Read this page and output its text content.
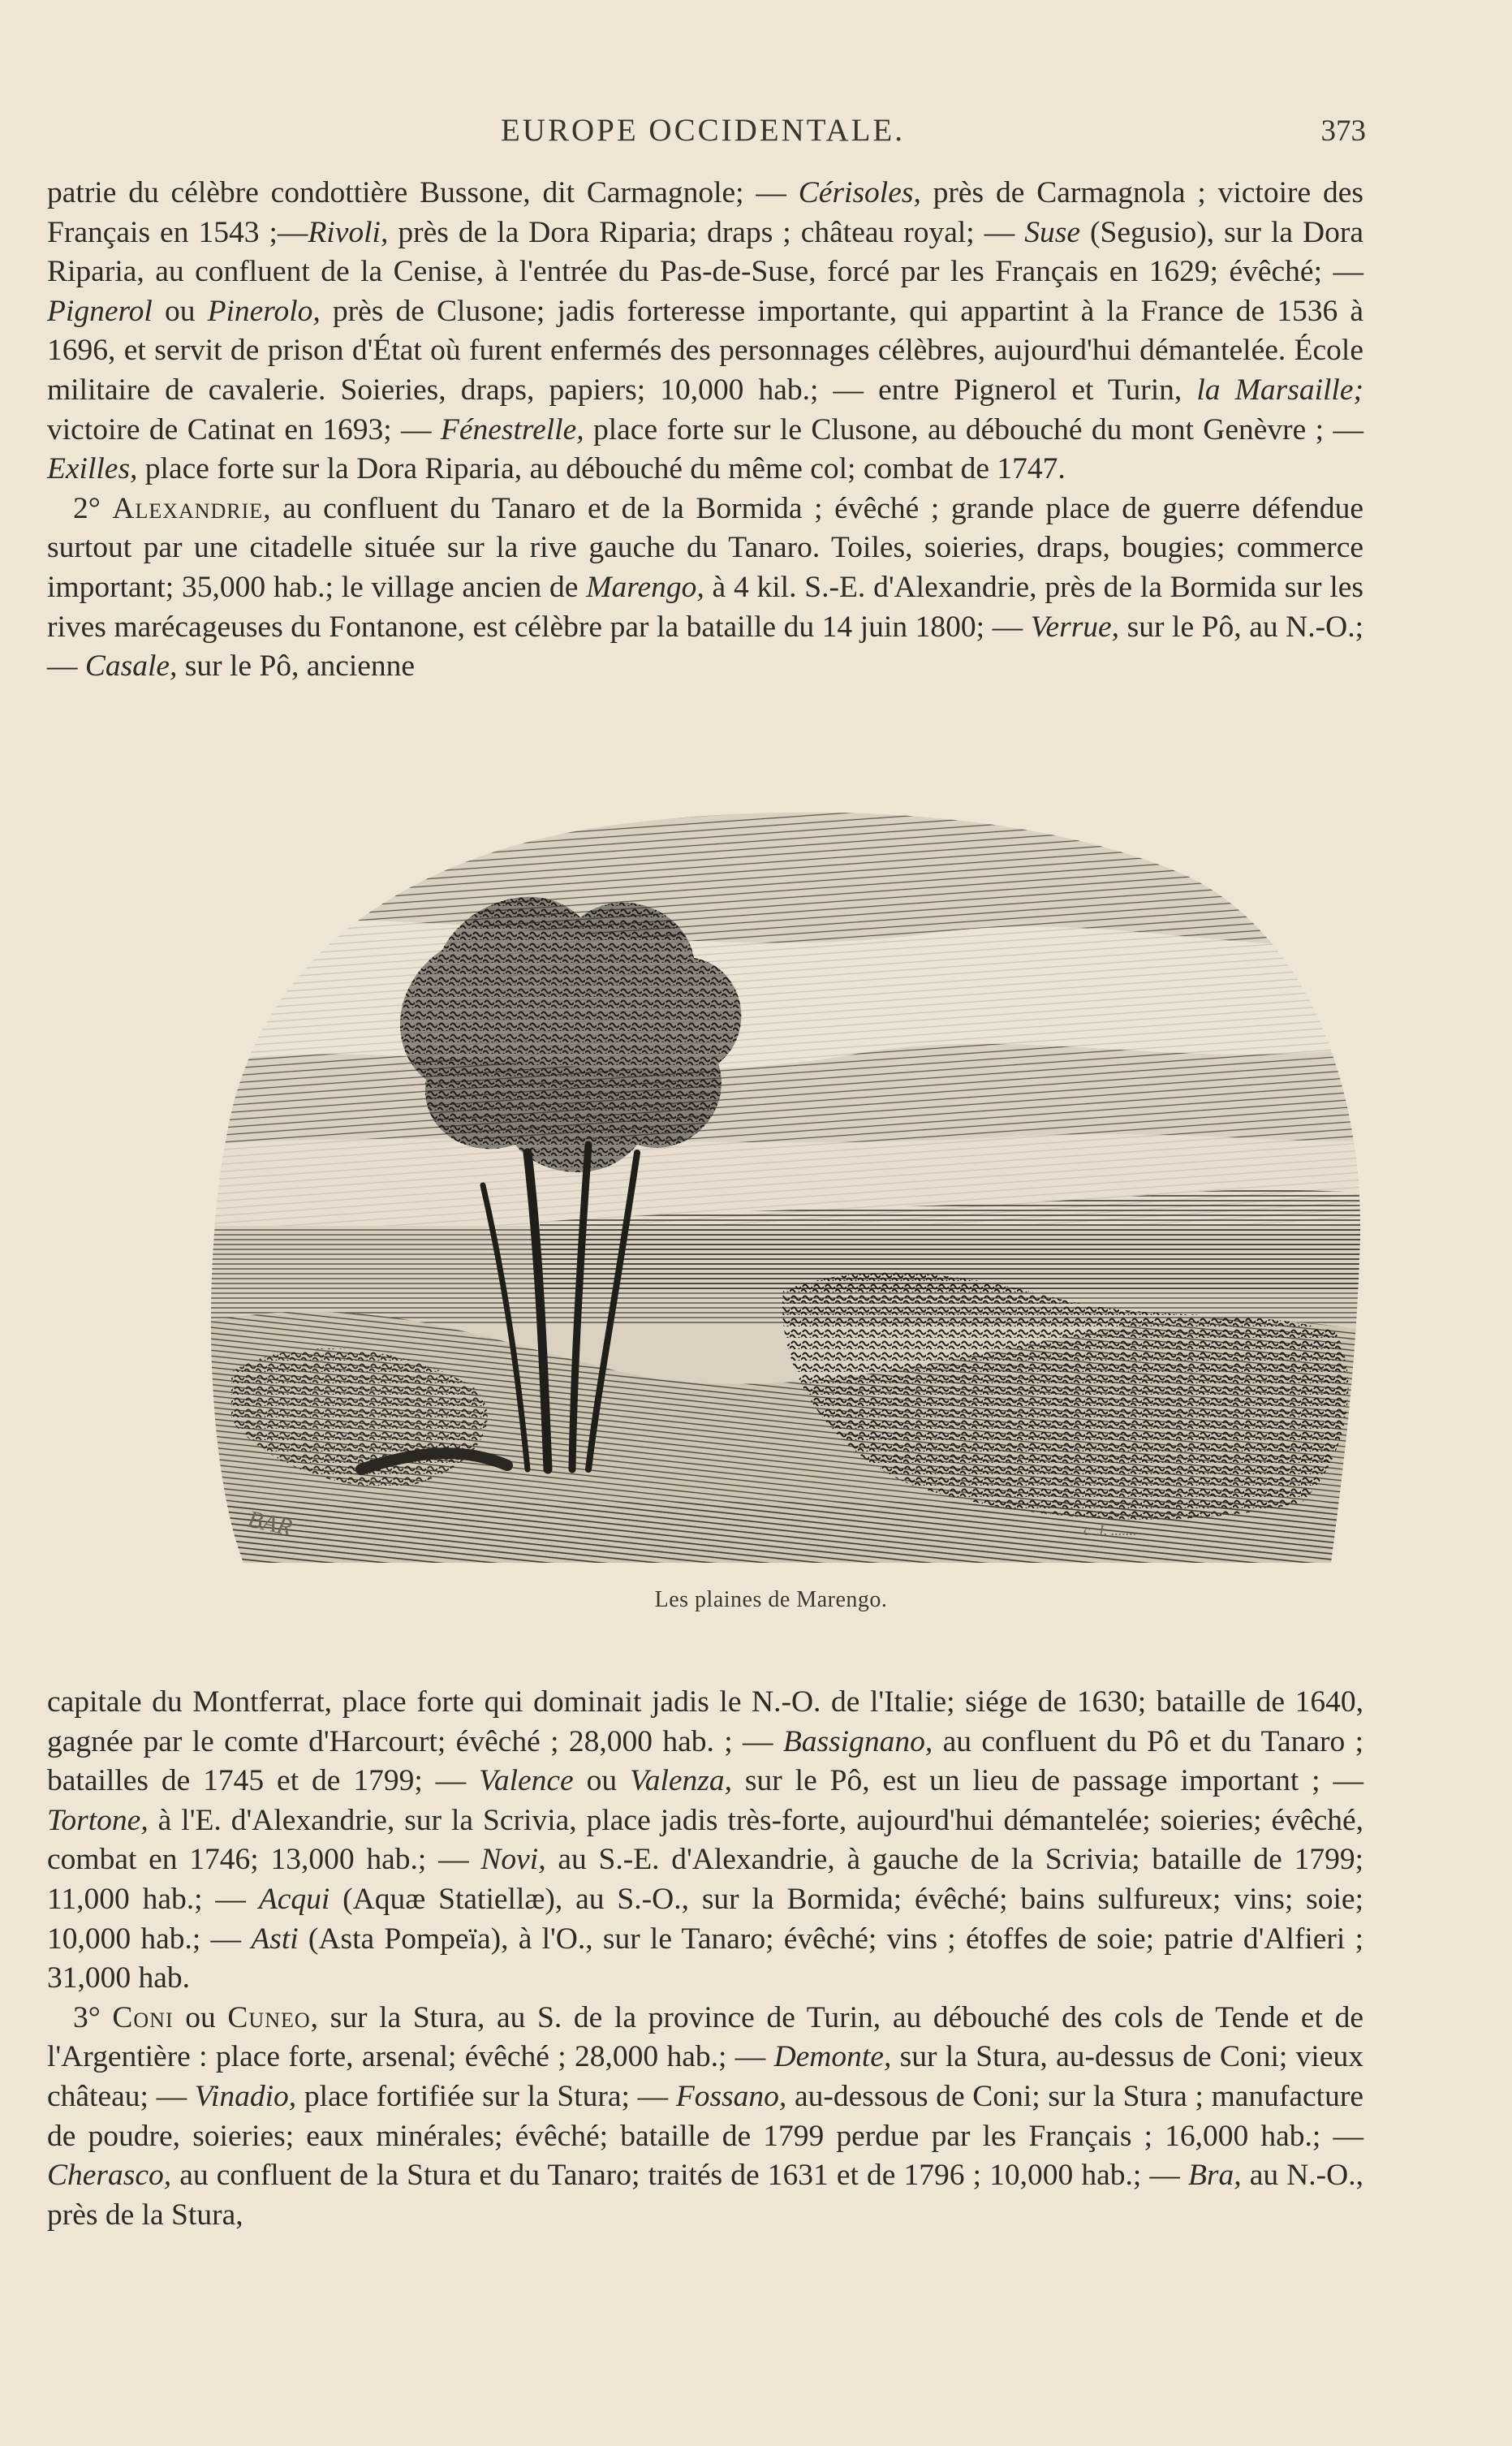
EUROPE OCCIDENTALE.	373

patrie du célèbre condottière Bussone, dit Carmagnole; — Cérisoles, près de Carmagnola ; victoire des Français en 1543 ;—Rivoli, près de la Dora Riparia; draps ; château royal; — Suse (Segusio), sur la Dora Riparia, au confluent de la Cenise, à l'entrée du Pas-de-Suse, forcé par les Français en 1629; évêché; — Pignerol ou Pinerolo, près de Clusone; jadis forteresse importante, qui appartint à la France de 1536 à 1696, et servit de prison d'État où furent enfermés des personnages célèbres, aujourd'hui démantelée. École militaire de cavalerie. Soieries, draps, papiers; 10,000 hab.; — entre Pignerol et Turin, la Marsaille; victoire de Catinat en 1693; — Fénestrelle, place forte sur le Clusone, au débouché du mont Genèvre ; — Exilles, place forte sur la Dora Riparia, au débouché du même col; combat de 1747.

2° Alexandrie, au confluent du Tanaro et de la Bormida ; évêché ; grande place de guerre défendue surtout par une citadelle située sur la rive gauche du Tanaro. Toiles, soieries, draps, bougies; commerce important; 35,000 hab.; le village ancien de Marengo, à 4 kil. S.-E. d'Alexandrie, près de la Bormida sur les rives marécageuses du Fontanone, est célèbre par la bataille du 14 juin 1800; — Verrue, sur le Pô, au N.-O.; — Casale, sur le Pô, ancienne

BAR	c. J. .......
Les plaines de Marengo.

capitale du Montferrat, place forte qui dominait jadis le N.-O. de l'Italie; siége de 1630; bataille de 1640, gagnée par le comte d'Harcourt; évêché ; 28,000 hab. ; — Bassignano, au confluent du Pô et du Tanaro ; batailles de 1745 et de 1799; — Valence ou Valenza, sur le Pô, est un lieu de passage important ; — Tortone, à l'E. d'Alexandrie, sur la Scrivia, place jadis très-forte, aujourd'hui démantelée; soieries; évêché, combat en 1746; 13,000 hab.; — Novi, au S.-E. d'Alexandrie, à gauche de la Scrivia; bataille de 1799; 11,000 hab.; — Acqui (Aquæ Statiellæ), au S.-O., sur la Bormida; évêché; bains sulfureux; vins; soie; 10,000 hab.; — Asti (Asta Pompeïa), à l'O., sur le Tanaro; évêché; vins ; étoffes de soie; patrie d'Alfieri ; 31,000 hab.

3° Coni ou Cuneo, sur la Stura, au S. de la province de Turin, au débouché des cols de Tende et de l'Argentière : place forte, arsenal; évêché ; 28,000 hab.; — Demonte, sur la Stura, au-dessus de Coni; vieux château; — Vinadio, place fortifiée sur la Stura; — Fossano, au-dessous de Coni; sur la Stura ; manufacture de poudre, soieries; eaux minérales; évêché; bataille de 1799 perdue par les Français ; 16,000 hab.; — Cherasco, au confluent de la Stura et du Tanaro; traités de 1631 et de 1796 ; 10,000 hab.; — Bra, au N.-O., près de la Stura,
